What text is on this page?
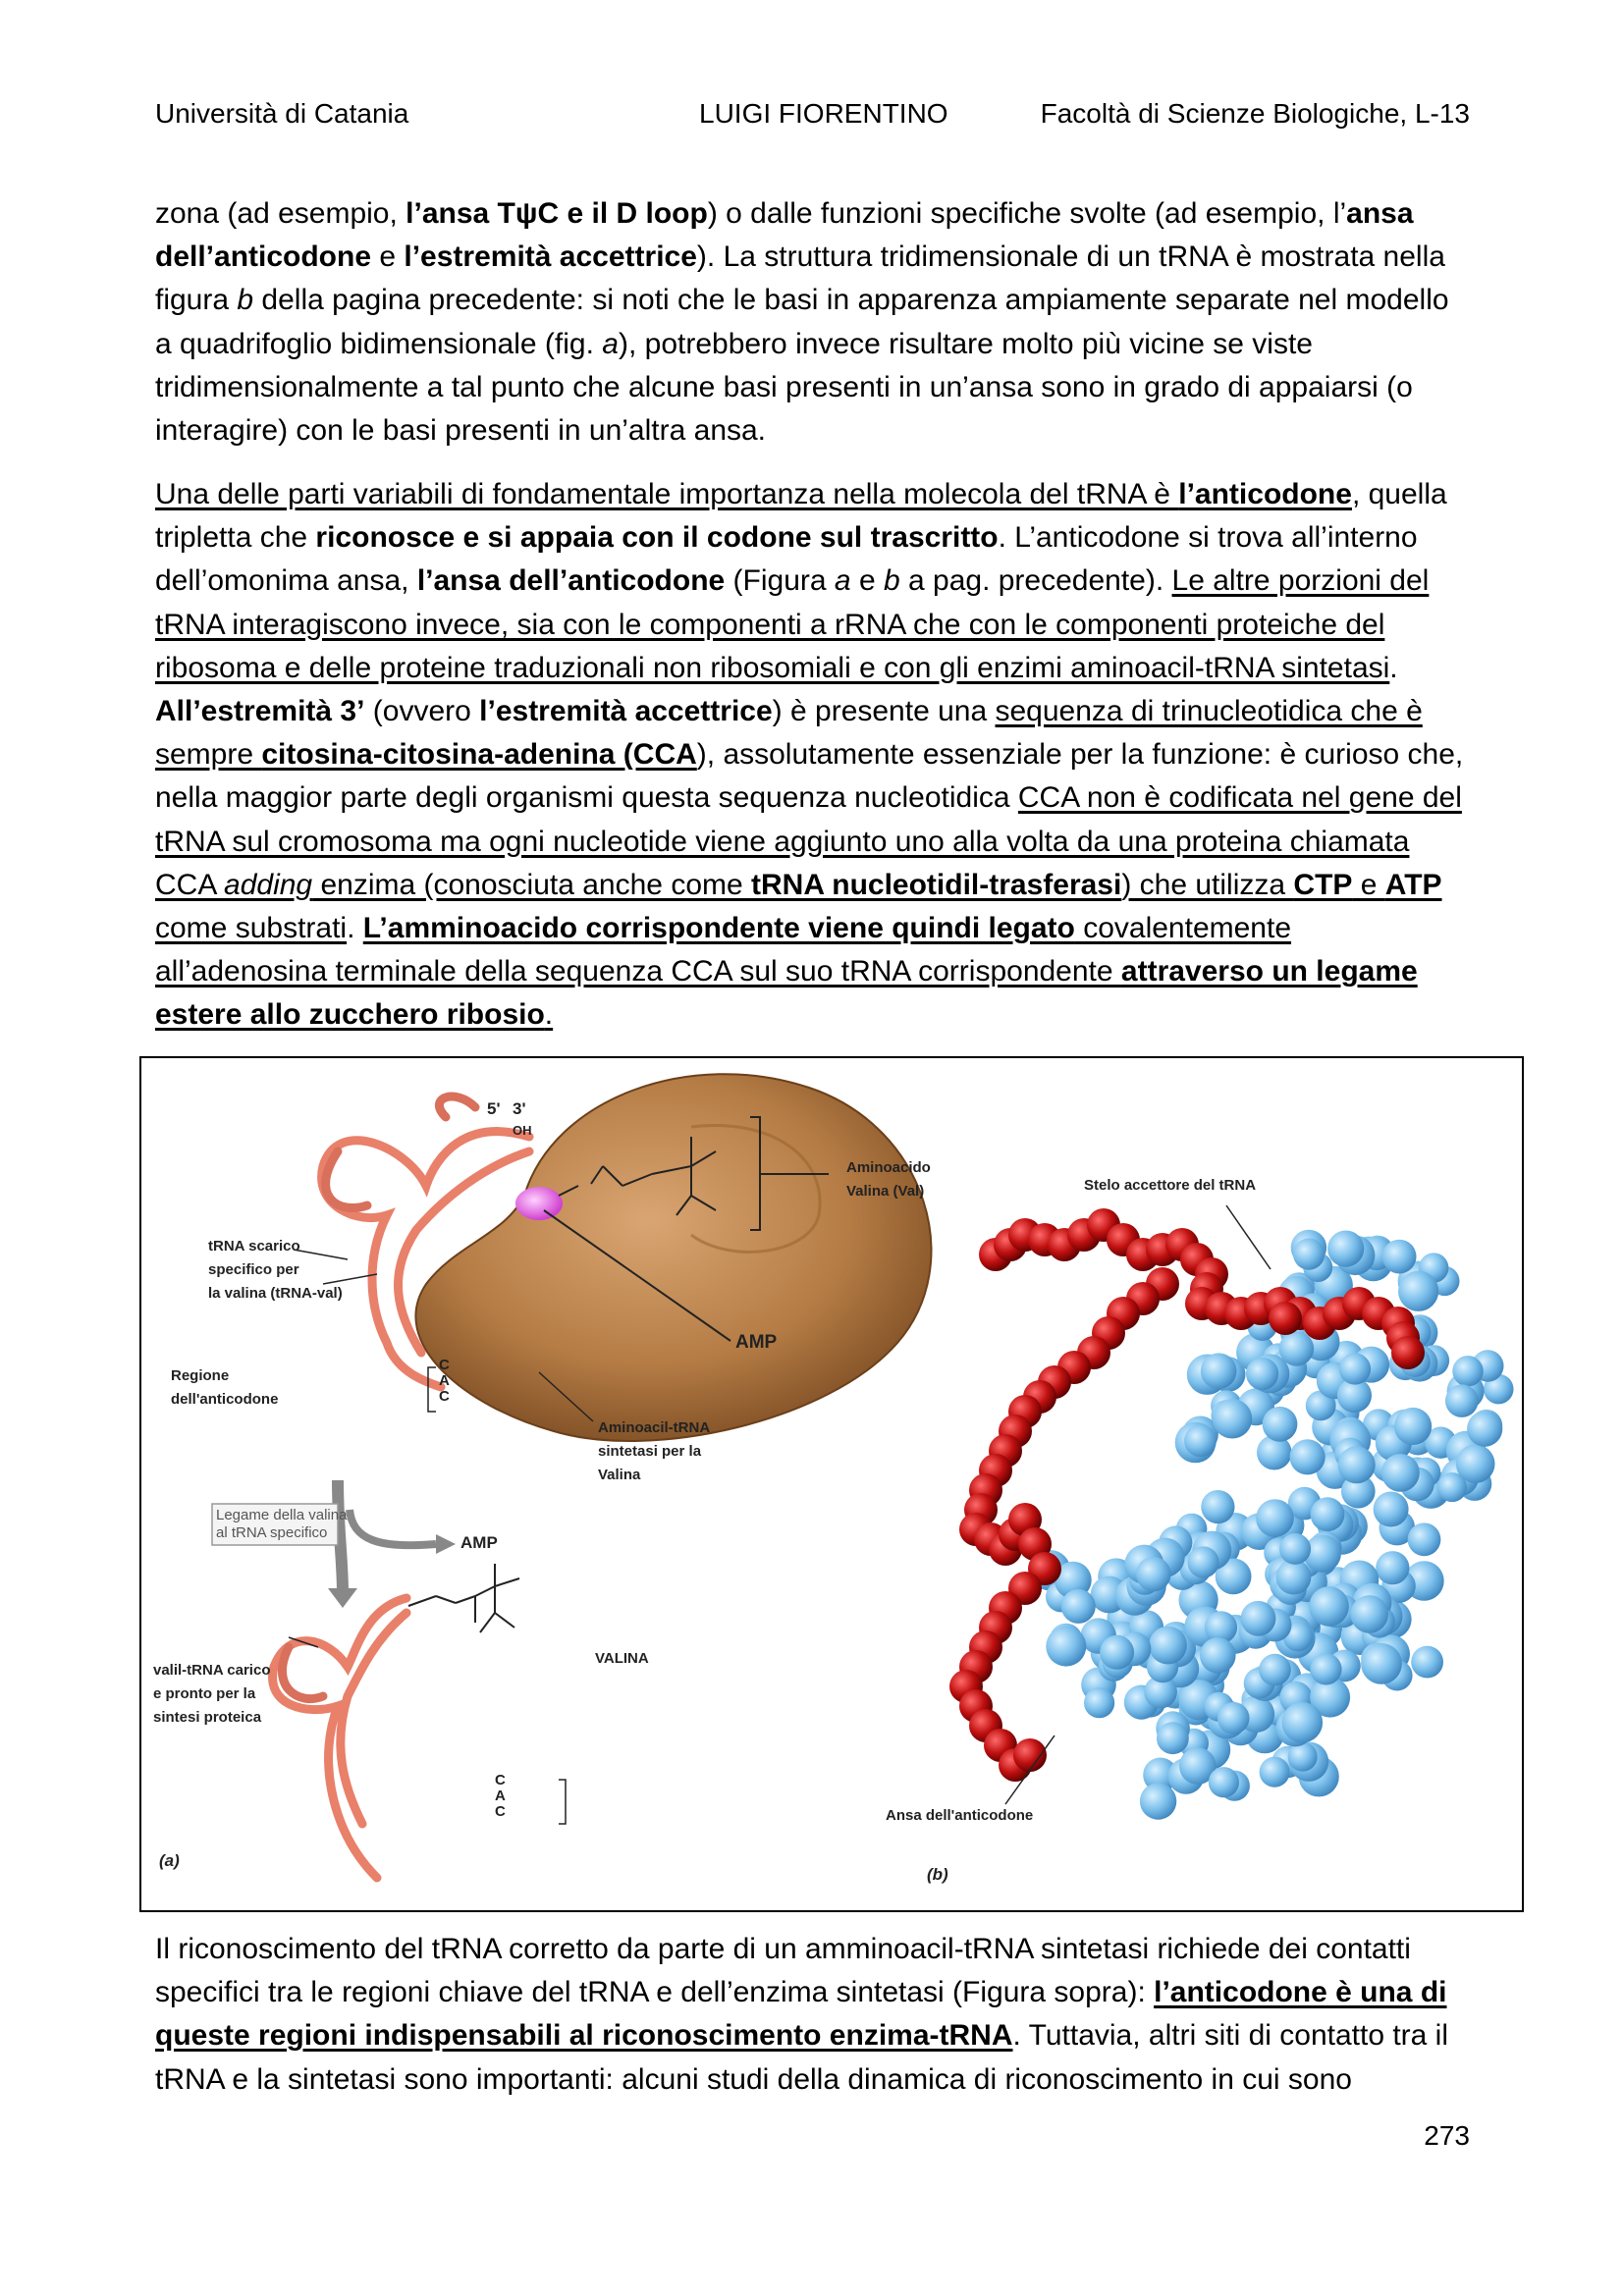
Università di Catania	LUIGI FIORENTINO	Facoltà di Scienze Biologiche, L-13

zona (ad esempio, l’ansa TψC e il D loop) o dalle funzioni specifiche svolte (ad esempio, l’ansa dell’anticodone e l’estremità accettrice). La struttura tridimensionale di un tRNA è mostrata nella figura b della pagina precedente: si noti che le basi in apparenza ampiamente separate nel modello a quadrifoglio bidimensionale (fig. a), potrebbero invece risultare molto più vicine se viste tridimensionalmente a tal punto che alcune basi presenti in un’ansa sono in grado di appaiarsi (o interagire) con le basi presenti in un’altra ansa.

Una delle parti variabili di fondamentale importanza nella molecola del tRNA è l’anticodone, quella tripletta che riconosce e si appaia con il codone sul trascritto. L’anticodone si trova all’interno dell’omonima ansa, l’ansa dell’anticodone (Figura a e b a pag. precedente). Le altre porzioni del tRNA interagiscono invece, sia con le componenti a rRNA che con le componenti proteiche del ribosoma e delle proteine traduzionali non ribosomiali e con gli enzimi aminoacil-tRNA sintetasi. All’estremità 3’ (ovvero l’estremità accettrice) è presente una sequenza di trinucleotidica che è sempre citosina-citosina-adenina (CCA), assolutamente essenziale per la funzione: è curioso che, nella maggior parte degli organismi questa sequenza nucleotidica CCA non è codificata nel gene del tRNA sul cromosoma ma ogni nucleotide viene aggiunto uno alla volta da una proteina chiamata CCA adding enzima (conosciuta anche come tRNA nucleotidil-trasferasi) che utilizza CTP e ATP come substrati. L’amminoacido corrispondente viene quindi legato covalentemente all’adenosina terminale della sequenza CCA sul suo tRNA corrispondente attraverso un legame estere allo zucchero ribosio.

5' 3'
OH
Aminoacido
Valina (Val)
tRNA scarico
specifico per
la valina (tRNA-val)
Regione
dell'anticodone
C
A
C
AMP
Aminoacil-tRNA
sintetasi per la
Valina
Legame della valina
al tRNA specifico
AMP
VALINA
valil-tRNA carico
e pronto per la
sintesi proteica
C
A
C
(a)
Stelo accettore del tRNA
Ansa dell'anticodone
(b)

Il riconoscimento del tRNA corretto da parte di un amminoacil-tRNA sintetasi richiede dei contatti specifici tra le regioni chiave del tRNA e dell’enzima sintetasi (Figura sopra): l’anticodone è una di queste regioni indispensabili al riconoscimento enzima-tRNA. Tuttavia, altri siti di contatto tra il tRNA e la sintetasi sono importanti: alcuni studi della dinamica di riconoscimento in cui sono

273
